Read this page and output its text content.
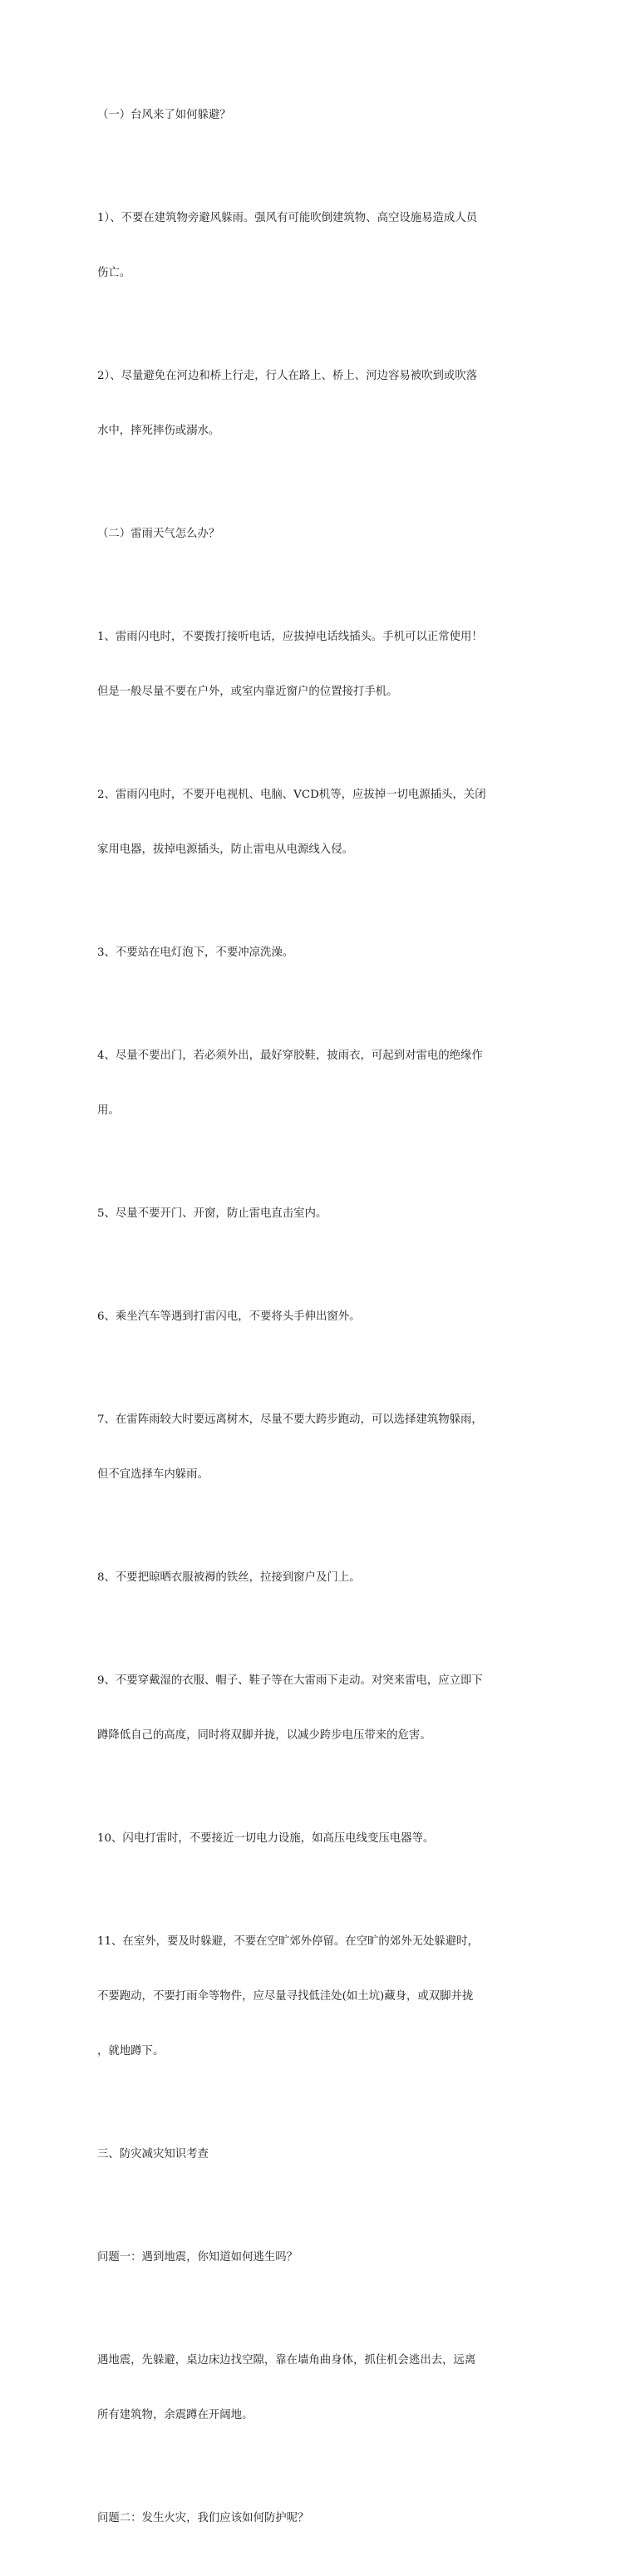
（一）台风来了如何躲避？

1）、不要在建筑物旁避风躲雨。强风有可能吹倒建筑物、高空设施易造成人员

伤亡。

2）、尽量避免在河边和桥上行走，行人在路上、桥上、河边容易被吹到或吹落

水中，摔死摔伤或溺水。

（二）雷雨天气怎么办？

1、雷雨闪电时，不要拨打接听电话，应拔掉电话线插头。手机可以正常使用！

但是一般尽量不要在户外，或室内靠近窗户的位置接打手机。

2、雷雨闪电时，不要开电视机、电脑、VCD机等，应拔掉一切电源插头，关闭

家用电器，拔掉电源插头，防止雷电从电源线入侵。

3、不要站在电灯泡下，不要冲凉洗澡。

4、尽量不要出门，若必须外出，最好穿胶鞋，披雨衣，可起到对雷电的绝缘作

用。

5、尽量不要开门、开窗，防止雷电直击室内。

6、乘坐汽车等遇到打雷闪电，不要将头手伸出窗外。

7、在雷阵雨较大时要远离树木，尽量不要大跨步跑动，可以选择建筑物躲雨，

但不宜选择车内躲雨。

8、不要把晾晒衣服被褥的铁丝，拉接到窗户及门上。

9、不要穿戴湿的衣服、帽子、鞋子等在大雷雨下走动。对突来雷电，应立即下

蹲降低自己的高度，同时将双脚并拢，以减少跨步电压带来的危害。

10、闪电打雷时，不要接近一切电力设施，如高压电线变压电器等。

11、在室外，要及时躲避，不要在空旷郊外停留。在空旷的郊外无处躲避时，

不要跑动，不要打雨伞等物件，应尽量寻找低洼处(如土坑)藏身，或双脚并拢

，就地蹲下。

三、防灾减灾知识考查

问题一：遇到地震，你知道如何逃生吗？

遇地震，先躲避，桌边床边找空隙，靠在墙角曲身体，抓住机会逃出去，远离

所有建筑物，余震蹲在开阔地。

问题二：发生火灾，我们应该如何防护呢？
